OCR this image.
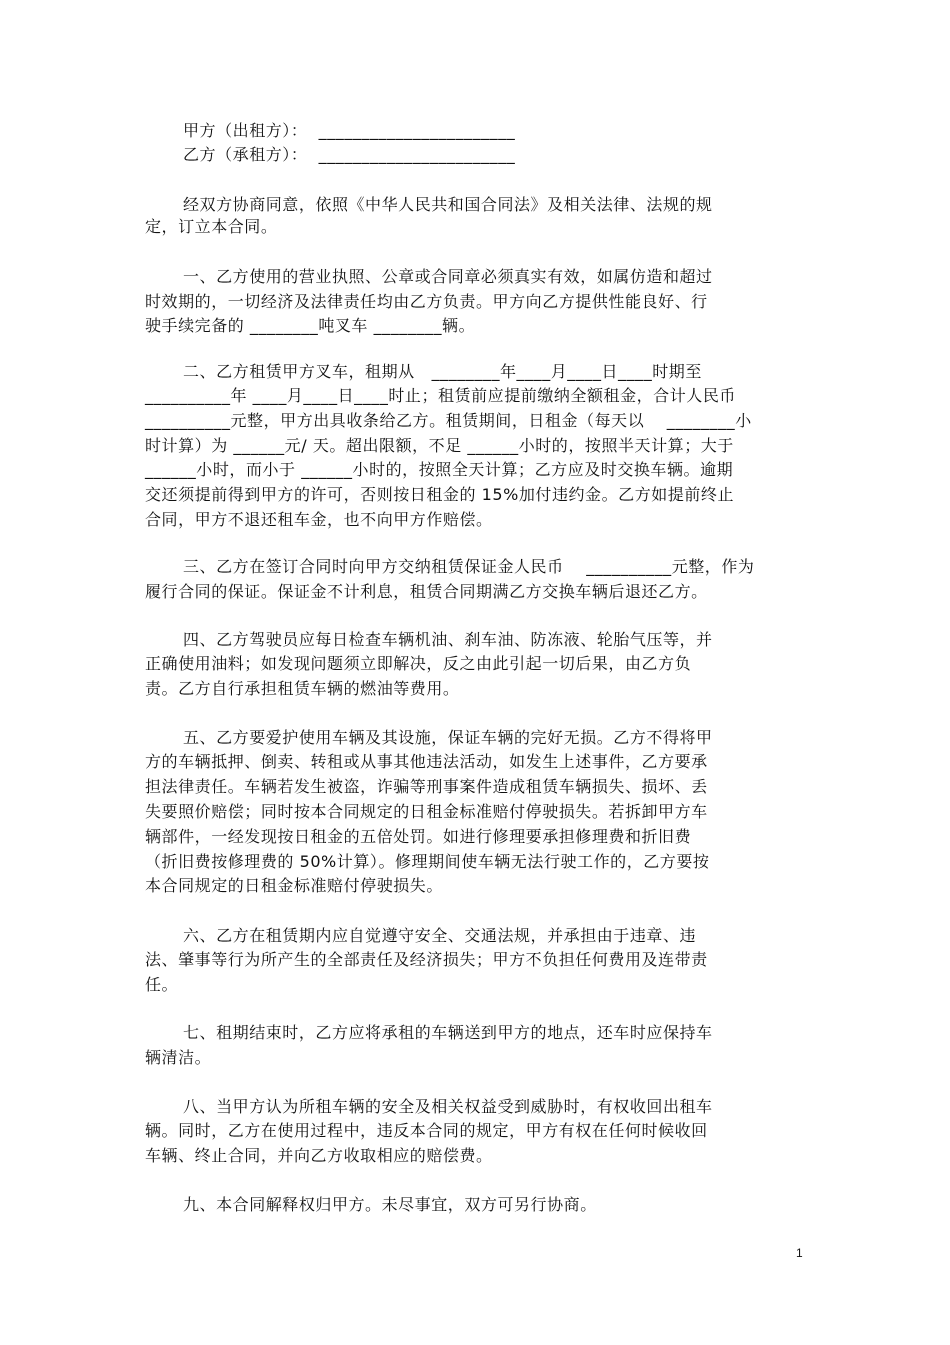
甲方（出租方）：  _______________________
乙方（承租方）：  _______________________
经双方协商同意，依照《中华人民共和国合同法》及相关法律、法规的规
定，订立本合同。
一、乙方使用的营业执照、公章或合同章必须真实有效，如属仿造和超过
时效期的，一切经济及法律责任均由乙方负责。甲方向乙方提供性能良好、行
驶手续完备的 ________吨叉车 ________辆。
二、乙方租赁甲方叉车，租期从   ________年____月____日____时期至
__________年 ____月____日____时止；租赁前应提前缴纳全额租金，合计人民币
__________元整，甲方出具收条给乙方。租赁期间，日租金（每天以    ________小
时计算）为 ______元/ 天。超出限额，不足 ______小时的，按照半天计算；大于
______小时，而小于 ______小时的，按照全天计算；乙方应及时交换车辆。逾期
交还须提前得到甲方的许可，否则按日租金的 15%加付违约金。乙方如提前终止
合同，甲方不退还租车金，也不向甲方作赔偿。
三、乙方在签订合同时向甲方交纳租赁保证金人民币    __________元整，作为
履行合同的保证。保证金不计利息，租赁合同期满乙方交换车辆后退还乙方。
四、乙方驾驶员应每日检查车辆机油、刹车油、防冻液、轮胎气压等，并
正确使用油料；如发现问题须立即解决，反之由此引起一切后果，由乙方负
责。乙方自行承担租赁车辆的燃油等费用。
五、乙方要爱护使用车辆及其设施，保证车辆的完好无损。乙方不得将甲
方的车辆抵押、倒卖、转租或从事其他违法活动，如发生上述事件，乙方要承
担法律责任。车辆若发生被盗，诈骗等刑事案件造成租赁车辆损失、损坏、丢
失要照价赔偿；同时按本合同规定的日租金标准赔付停驶损失。若拆卸甲方车
辆部件，一经发现按日租金的五倍处罚。如进行修理要承担修理费和折旧费
（折旧费按修理费的 50%计算）。修理期间使车辆无法行驶工作的，乙方要按
本合同规定的日租金标准赔付停驶损失。
六、乙方在租赁期内应自觉遵守安全、交通法规，并承担由于违章、违
法、肇事等行为所产生的全部责任及经济损失；甲方不负担任何费用及连带责
任。
七、租期结束时，乙方应将承租的车辆送到甲方的地点，还车时应保持车
辆清洁。
八、当甲方认为所租车辆的安全及相关权益受到威胁时，有权收回出租车
辆。同时，乙方在使用过程中，违反本合同的规定，甲方有权在任何时候收回
车辆、终止合同，并向乙方收取相应的赔偿费。
九、本合同解释权归甲方。未尽事宜，双方可另行协商。
1
